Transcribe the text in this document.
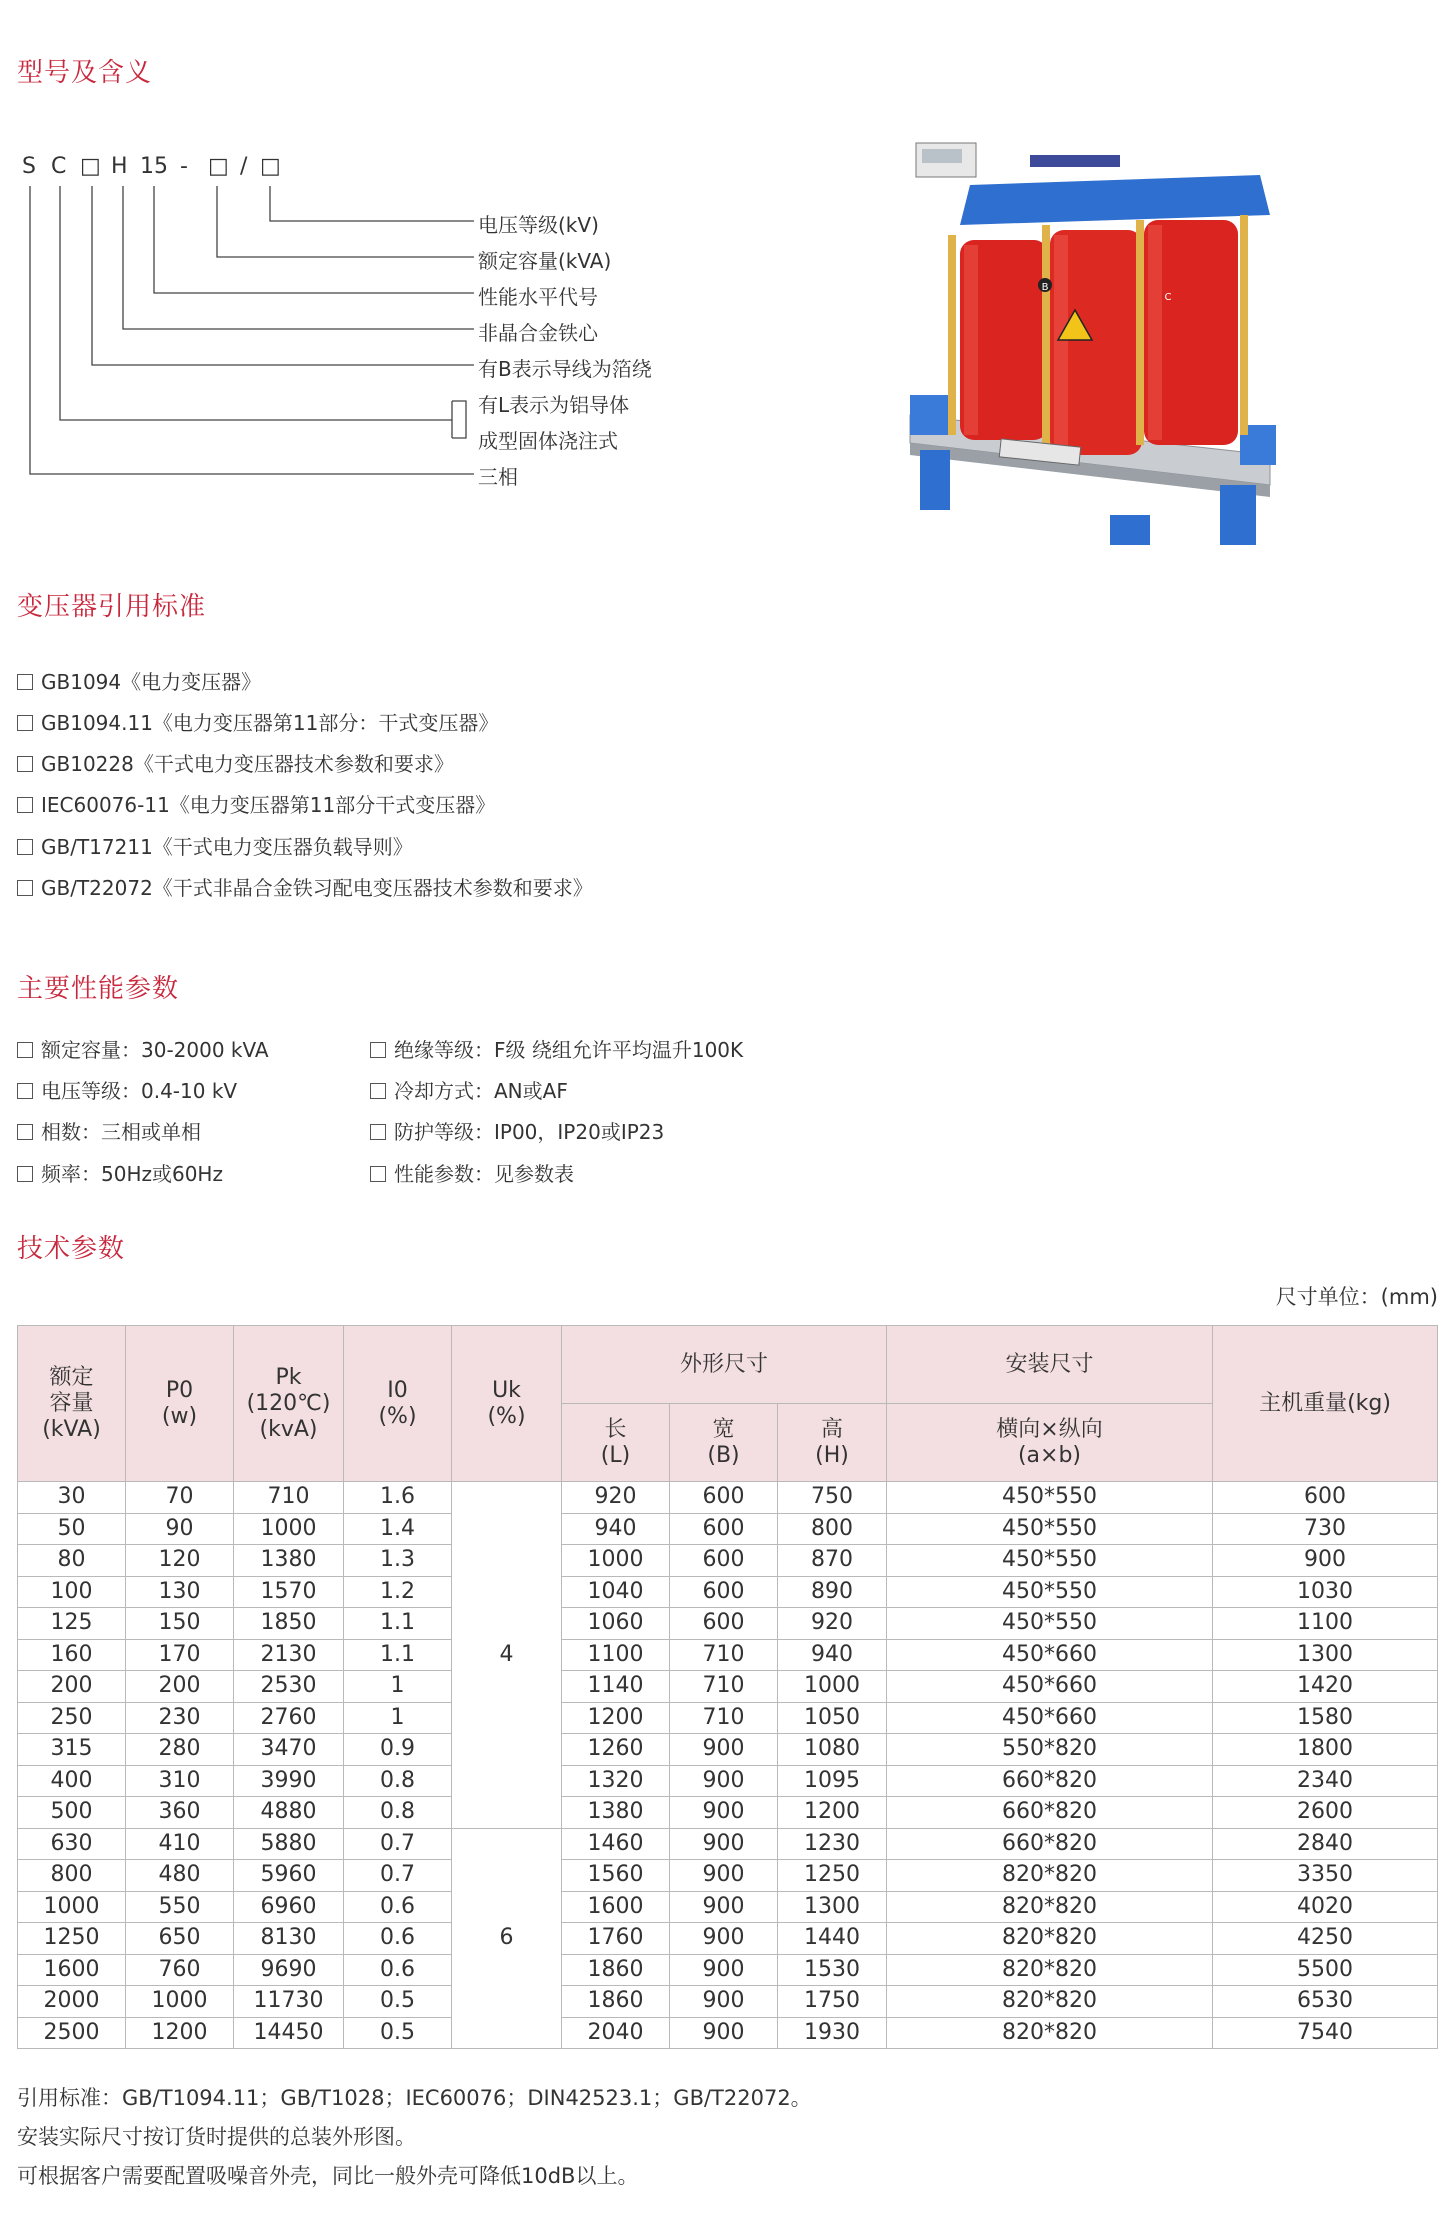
型号及含义
S C □ H 15 - □ / □
电压等级(kV)
额定容量(kVA)
性能水平代号
非晶合金铁心
有B表示导线为箔绕
有L表示为铝导体
成型固体浇注式
三相
B
C
变压器引用标准
GB1094《电力变压器》
GB1094.11《电力变压器第11部分：干式变压器》
GB10228《干式电力变压器技术参数和要求》
IEC60076-11《电力变压器第11部分干式变压器》
GB/T17211《干式电力变压器负载导则》
GB/T22072《干式非晶合金铁习配电变压器技术参数和要求》
主要性能参数
额定容量：30-2000 kVA
电压等级：0.4-10 kV
相数：三相或单相
频率：50Hz或60Hz
绝缘等级：F级 绕组允许平均温升100K
冷却方式：AN或AF
防护等级：IP00，IP20或IP23
性能参数：见参数表
技术参数
尺寸单位：(mm)
额定 容量 (kVA)	P0 (w)	Pk (120℃) (kvA)	I0 (%)	Uk (%)	外形尺寸			安装尺寸	主机重量(kg)
					长 (L)	宽 (B)	高 (H)	横向×纵向 (a×b)	
30	70	710	1.6	4	920	600	750	450*550	600
50	90	1000	1.4		940	600	800	450*550	730
80	120	1380	1.3		1000	600	870	450*550	900
100	130	1570	1.2		1040	600	890	450*550	1030
125	150	1850	1.1		1060	600	920	450*550	1100
160	170	2130	1.1		1100	710	940	450*660	1300
200	200	2530	1		1140	710	1000	450*660	1420
250	230	2760	1		1200	710	1050	450*660	1580
315	280	3470	0.9		1260	900	1080	550*820	1800
400	310	3990	0.8		1320	900	1095	660*820	2340
500	360	4880	0.8		1380	900	1200	660*820	2600
630	410	5880	0.7	6	1460	900	1230	660*820	2840
800	480	5960	0.7		1560	900	1250	820*820	3350
1000	550	6960	0.6		1600	900	1300	820*820	4020
1250	650	8130	0.6		1760	900	1440	820*820	4250
1600	760	9690	0.6		1860	900	1530	820*820	5500
2000	1000	11730	0.5		1860	900	1750	820*820	6530
2500	1200	14450	0.5		2040	900	1930	820*820	7540
引用标准：GB/T1094.11；GB/T1028；IEC60076；DIN42523.1；GB/T22072。
安装实际尺寸按订货时提供的总装外形图。
可根据客户需要配置吸噪音外壳，同比一般外壳可降低10dB以上。
